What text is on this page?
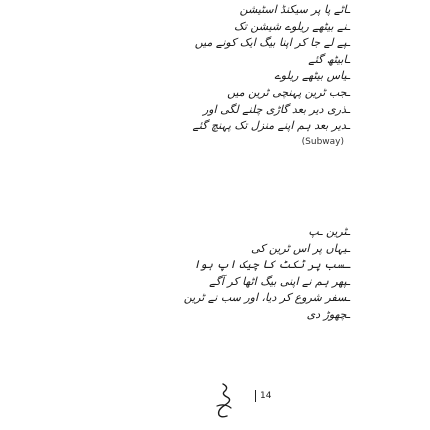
ـاٹے پا پر سیکنڈ اسٹیشن
ـنے بیٹھے ریلوے شیشن تک
ـپے لے جا کر اپنا بیگ ایک کونے میں
ـابیٹھ گئے
ـیاس بیٹھے ریلوے
ـجب ٹرین پہنچی ٹرین میں
ـذری دیر بعد گاڑی چلنے لگی اور
ـدیر بعد ہم اپنے منزل تک پہنچ گئے
(Subway)
ـٹرین ـپ
ـیہاں پر اس ٹرین کی
ـسب پر ٹکٹ کا چیک اپ ہوا
ـپھر ہم نے اپنی بیگ اٹھا کر آگے
ـسفر شروع کر دیا، اور سب نے ٹرین
ـچھوڑ دی
14
